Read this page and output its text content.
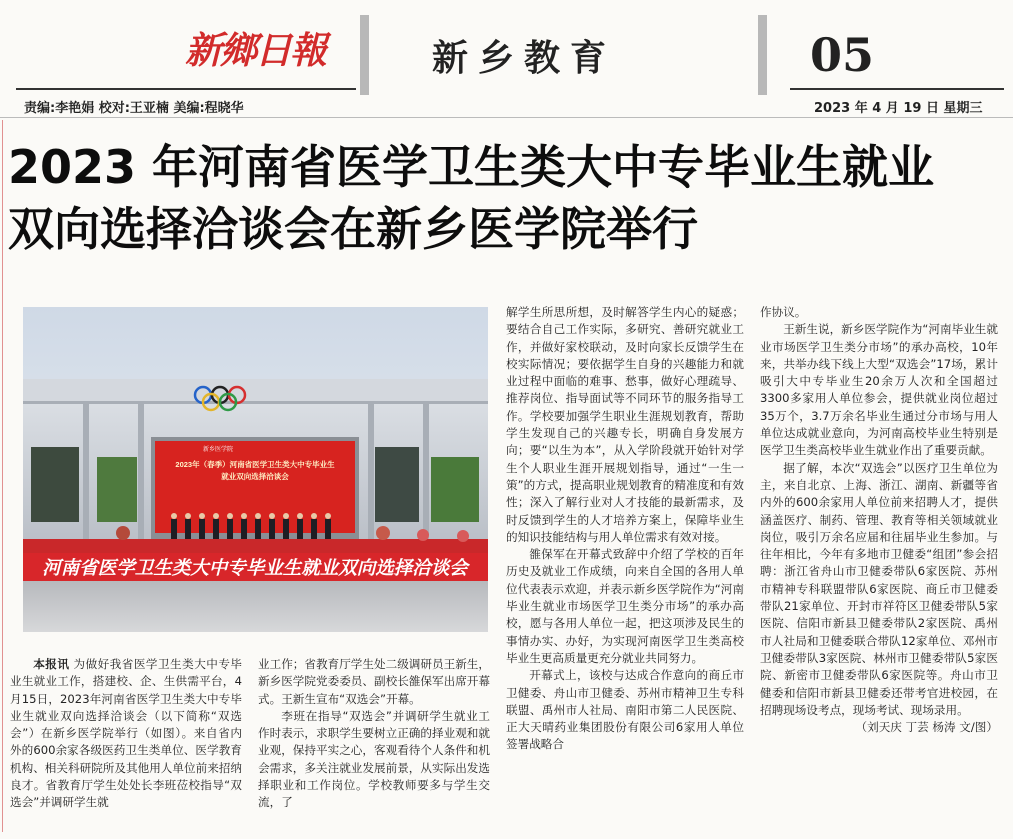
新鄉日報
责编:李艳娟 校对:王亚楠 美编:程晓华
新乡教育	05
2023 年 4 月 19 日 星期三
2023 年河南省医学卫生类大中专毕业生就业
双向选择洽谈会在新乡医学院举行
2023年（春季）河南省医学卫生类大中专毕业生
就业双向选择洽谈会
新乡医学院
河南省医学卫生类大中专毕业生就业双向选择洽谈会

本报讯 为做好我省医学卫生类大中专毕业生就业工作，搭建校、企、生供需平台，4月15日，2023年河南省医学卫生类大中专毕业生就业双向选择洽谈会（以下简称“双选会”）在新乡医学院举行（如图）。来自省内外的600余家各级医药卫生类单位、医学教育机构、相关科研院所及其他用人单位前来招纳良才。省教育厅学生处处长李班莅校指导“双选会”并调研学生就

业工作；省教育厅学生处二级调研员王新生，新乡医学院党委委员、副校长雒保军出席开幕式。王新生宣布“双选会”开幕。

李班在指导“双选会”并调研学生就业工作时表示，求职学生要树立正确的择业观和就业观，保持平实之心，客观看待个人条件和机会需求，多关注就业发展前景，从实际出发选择职业和工作岗位。学校教师要多与学生交流，了

解学生所思所想，及时解答学生内心的疑惑；要结合自己工作实际，多研究、善研究就业工作，并做好家校联动，及时向家长反馈学生在校实际情况；要依据学生自身的兴趣能力和就业过程中面临的难事、愁事，做好心理疏导、推荐岗位、指导面试等不同环节的服务指导工作。学校要加强学生职业生涯规划教育，帮助学生发现自己的兴趣专长，明确自身发展方向；要“以生为本”，从入学阶段就开始针对学生个人职业生涯开展规划指导，通过“一生一策”的方式，提高职业规划教育的精准度和有效性；深入了解行业对人才技能的最新需求，及时反馈到学生的人才培养方案上，保障毕业生的知识技能结构与用人单位需求有效对接。

雒保军在开幕式致辞中介绍了学校的百年历史及就业工作成绩，向来自全国的各用人单位代表表示欢迎，并表示新乡医学院作为“河南毕业生就业市场医学卫生类分市场”的承办高校，愿与各用人单位一起，把这项涉及民生的事情办实、办好，为实现河南医学卫生类高校毕业生更高质量更充分就业共同努力。

开幕式上，该校与达成合作意向的商丘市卫健委、舟山市卫健委、苏州市精神卫生专科联盟、禹州市人社局、南阳市第二人民医院、正大天晴药业集团股份有限公司6家用人单位签署战略合

作协议。

王新生说，新乡医学院作为“河南毕业生就业市场医学卫生类分市场”的承办高校，10年来，共举办线下线上大型“双选会”17场，累计吸引大中专毕业生20余万人次和全国超过3300多家用人单位参会，提供就业岗位超过35万个，3.7万余名毕业生通过分市场与用人单位达成就业意向，为河南高校毕业生特别是医学卫生类高校毕业生就业作出了重要贡献。

据了解，本次“双选会”以医疗卫生单位为主，来自北京、上海、浙江、湖南、新疆等省内外的600余家用人单位前来招聘人才，提供涵盖医疗、制药、管理、教育等相关领域就业岗位，吸引万余名应届和往届毕业生参加。与往年相比，今年有多地市卫健委“组团”参会招聘：浙江省舟山市卫健委带队6家医院、苏州市精神专科联盟带队6家医院、商丘市卫健委带队21家单位、开封市祥符区卫健委带队5家医院、信阳市新县卫健委带队2家医院、禹州市人社局和卫健委联合带队12家单位、邓州市卫健委带队3家医院、林州市卫健委带队5家医院、新密市卫健委带队6家医院等。舟山市卫健委和信阳市新县卫健委还带考官进校园，在招聘现场设考点，现场考试、现场录用。

（刘天庆 丁芸 杨涛 文/图）
